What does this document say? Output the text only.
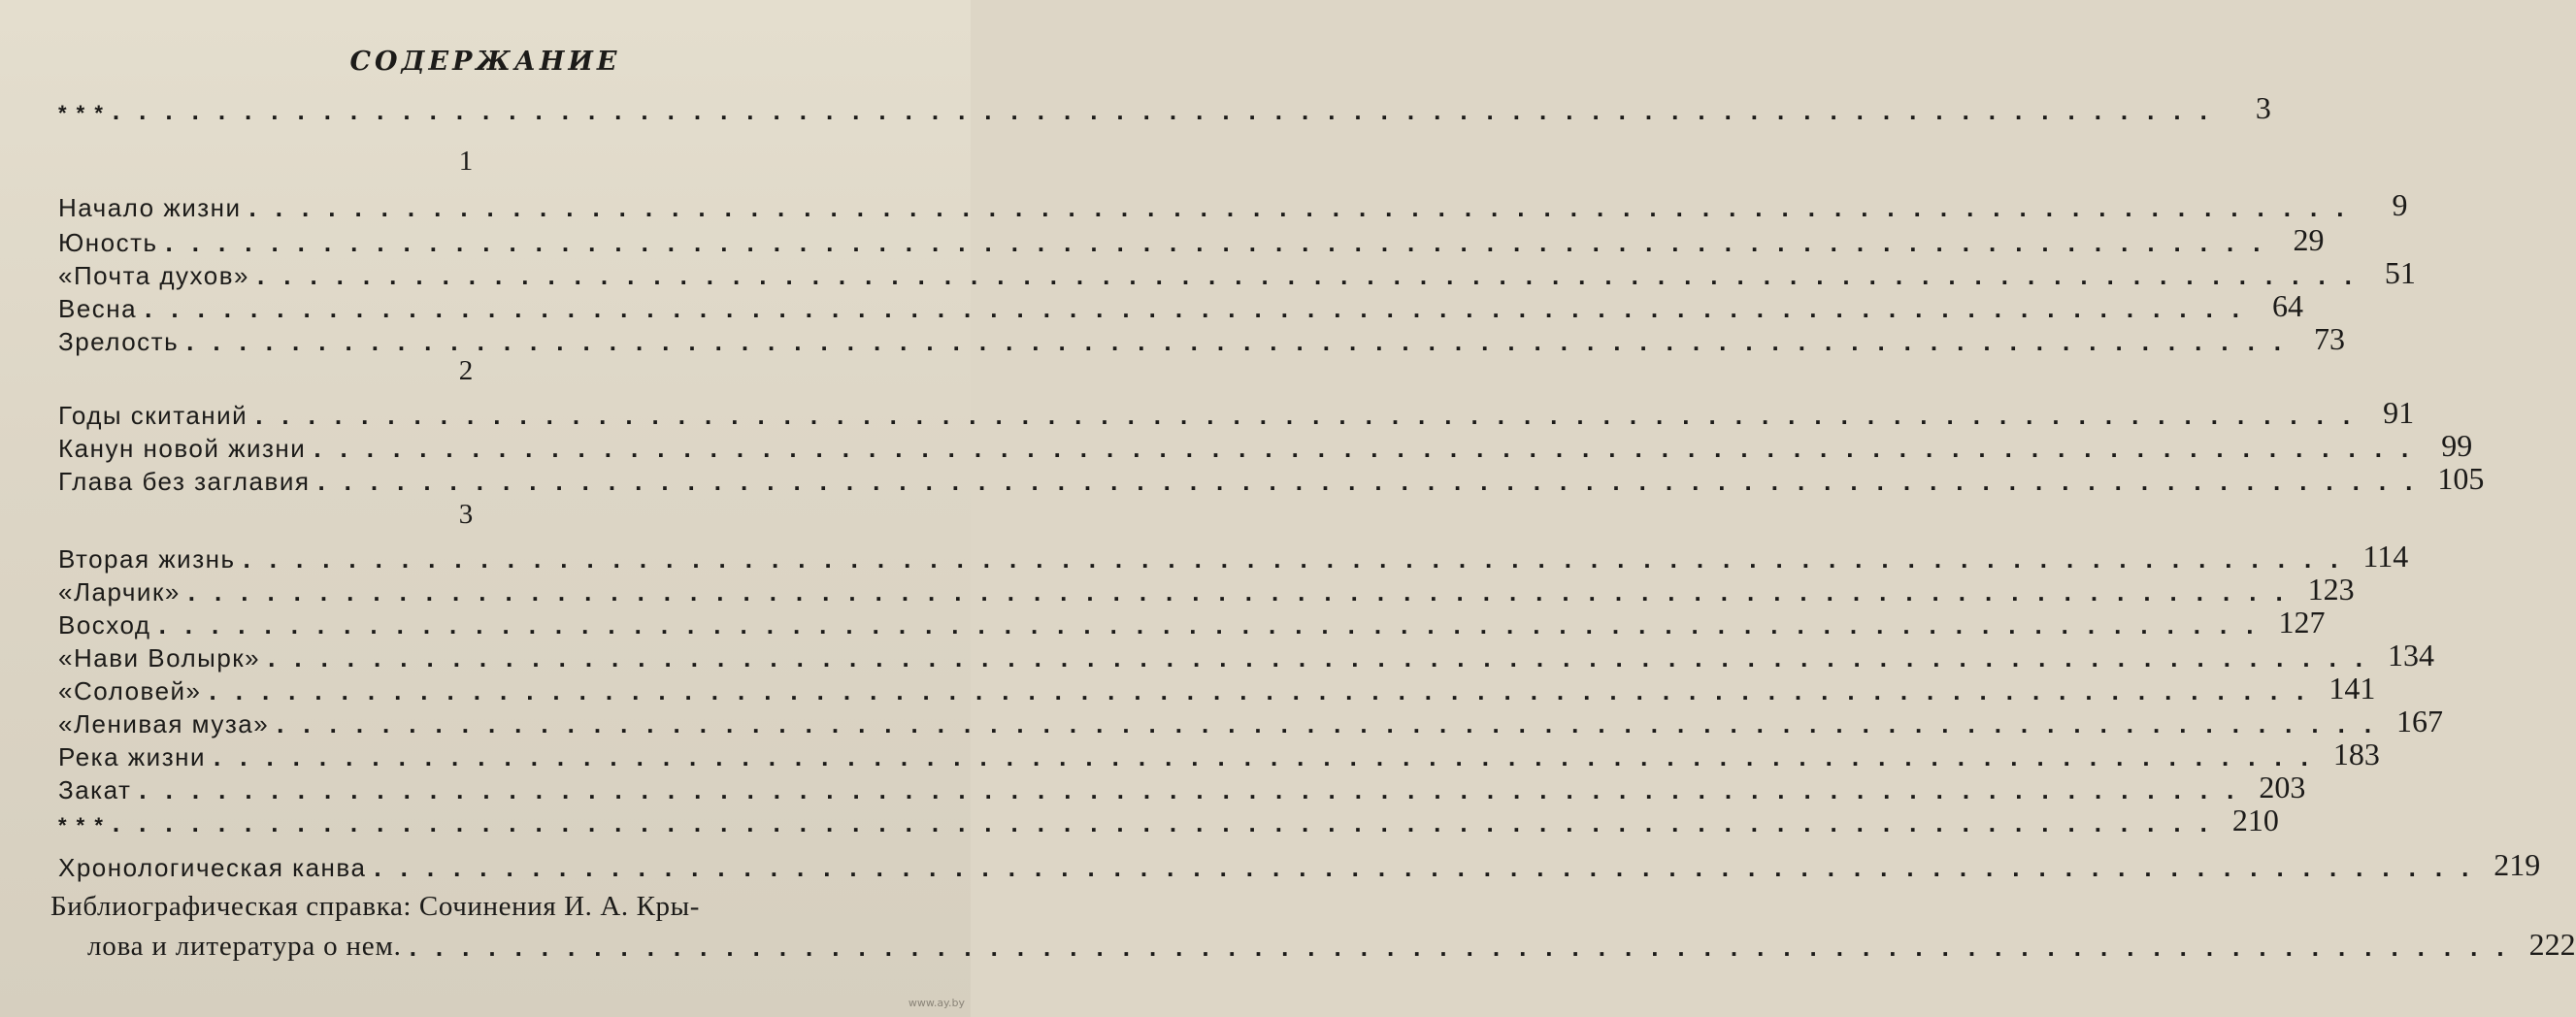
СОДЕРЖАНИЕ
* * * ................................................................................ 3
1
Начало жизни ................................................................................ 9
Юность ................................................................................ 29
«Почта духов» ................................................................................ 51
Весна ................................................................................ 64
Зрелость ................................................................................ 73
2
Годы скитаний ................................................................................ 91
Канун новой жизни ................................................................................ 99
Глава без заглавия ................................................................................ 105
3
Вторая жизнь ................................................................................ 114
«Ларчик» ................................................................................ 123
Восход ................................................................................ 127
«Нави Волырк» ................................................................................ 134
«Соловей» ................................................................................ 141
«Ленивая муза» ................................................................................ 167
Река жизни ................................................................................ 183
Закат ................................................................................ 203
* * * ................................................................................ 210
Хронологическая канва ................................................................................ 219
Библиографическая справка: Сочинения И. А. Кры-
лова и литература о нем. ................................................................................ 222
www.ay.by
